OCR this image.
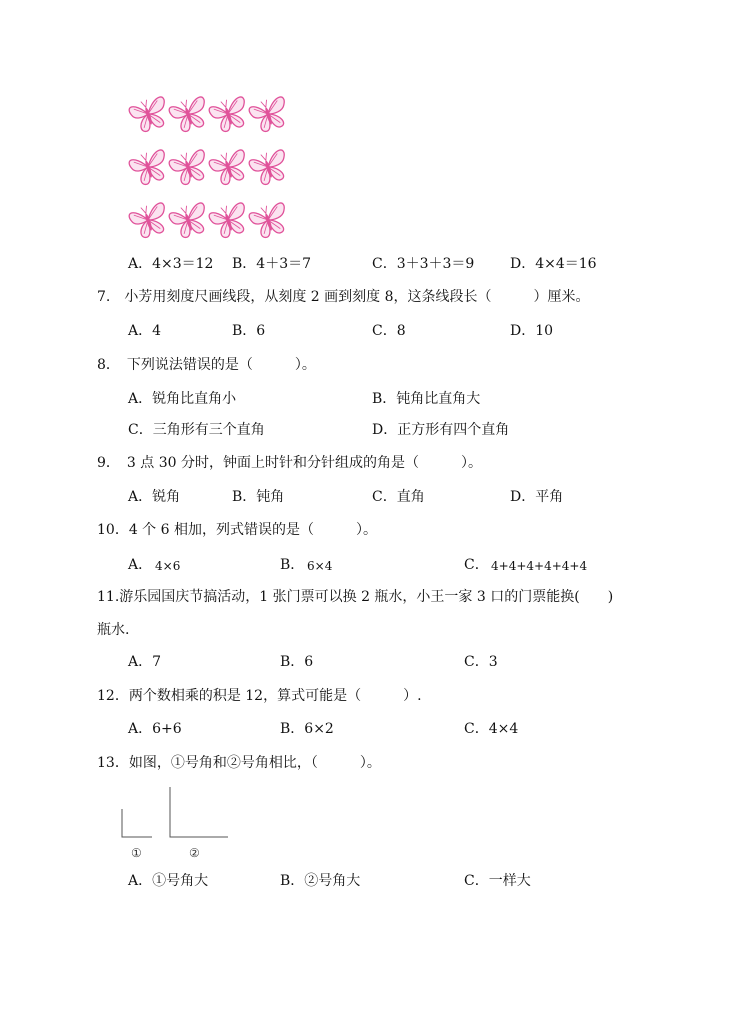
A．4×3＝12 B．4＋3＝7	C．3＋3＋3＝9	D．4×4＝16
7.　小芳用刻度尺画线段，从刻度 2 画到刻度 8，这条线段长（　　　）厘米。
A．4	B．6	C．8	D．10
8．　下列说法错误的是（　　　）。
A．锐角比直角小	B．钝角比直角大
C．三角形有三个直角	D．正方形有四个直角
9．　3 点 30 分时，钟面上时针和分针组成的角是（　　　）。
A．锐角	B．钝角	C．直角	D．平角
10．4 个 6 相加，列式错误的是（　　　）。
A． 4×6	B． 6×4	C． 4+4+4+4+4+4
11.游乐园国庆节搞活动，1 张门票可以换 2 瓶水，小王一家 3 口的门票能换(　　)
瓶水.
A．7	B．6	C．3
12．两个数相乘的积是 12，算式可能是（　　　）.
A．6+6	B．6×2	C．4×4
13．如图，①号角和②号角相比，（　　　）。
①	②
A．①号角大	B．②号角大	C．一样大
